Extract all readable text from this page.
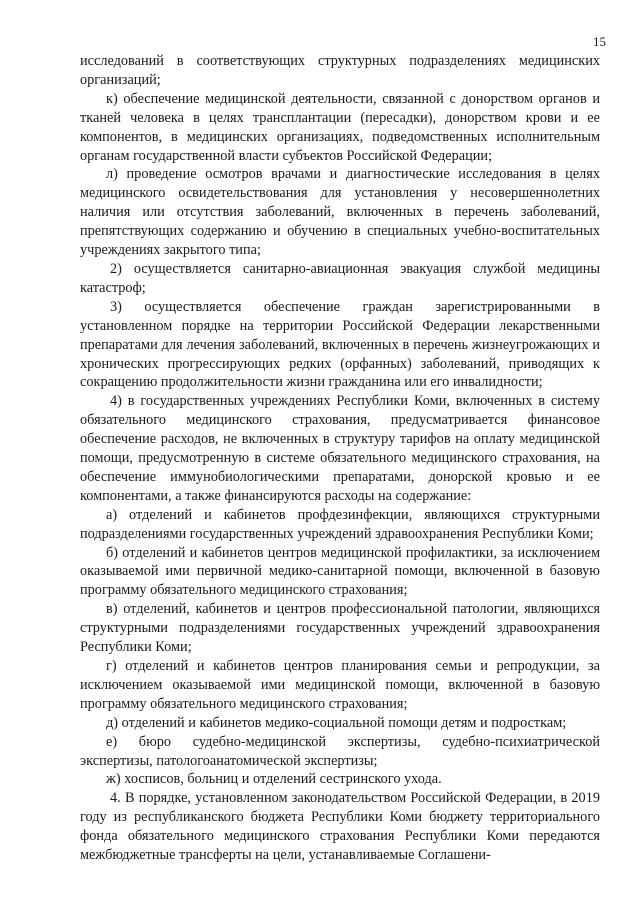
15

исследований в соответствующих структурных подразделениях медицинских организаций;

к) обеспечение медицинской деятельности, связанной с донорством органов и тканей человека в целях трансплантации (пересадки), донорством крови и ее компонентов, в медицинских организациях, подведомственных исполнительным органам государственной власти субъектов Российской Федерации;

л) проведение осмотров врачами и диагностические исследования в целях медицинского освидетельствования для установления у несовершеннолетних наличия или отсутствия заболеваний, включенных в перечень заболеваний, препятствующих содержанию и обучению в специальных учебно-воспитательных учреждениях закрытого типа;

2) осуществляется санитарно-авиационная эвакуация службой медицины катастроф;

3) осуществляется обеспечение граждан зарегистрированными в установленном порядке на территории Российской Федерации лекарственными препаратами для лечения заболеваний, включенных в перечень жизнеугрожающих и хронических прогрессирующих редких (орфанных) заболеваний, приводящих к сокращению продолжительности жизни гражданина или его инвалидности;

4) в государственных учреждениях Республики Коми, включенных в систему обязательного медицинского страхования, предусматривается финансовое обеспечение расходов, не включенных в структуру тарифов на оплату медицинской помощи, предусмотренную в системе обязательного медицинского страхования, на обеспечение иммунобиологическими препаратами, донорской кровью и ее компонентами, а также финансируются расходы на содержание:

а) отделений и кабинетов профдезинфекции, являющихся структурными подразделениями государственных учреждений здравоохранения Республики Коми;

б) отделений и кабинетов центров медицинской профилактики, за исключением оказываемой ими первичной медико-санитарной помощи, включенной в базовую программу обязательного медицинского страхования;

в) отделений, кабинетов и центров профессиональной патологии, являющихся структурными подразделениями государственных учреждений здравоохранения Республики Коми;

г) отделений и кабинетов центров планирования семьи и репродукции, за исключением оказываемой ими медицинской помощи, включенной в базовую программу обязательного медицинского страхования;

д) отделений и кабинетов медико-социальной помощи детям и подросткам;

е) бюро судебно-медицинской экспертизы, судебно-психиатрической экспертизы, патологоанатомической экспертизы;

ж) хосписов, больниц и отделений сестринского ухода.

4. В порядке, установленном законодательством Российской Федерации, в 2019 году из республиканского бюджета Республики Коми бюджету территориального фонда обязательного медицинского страхования Республики Коми передаются межбюджетные трансферты на цели, устанавливаемые Соглашени-
